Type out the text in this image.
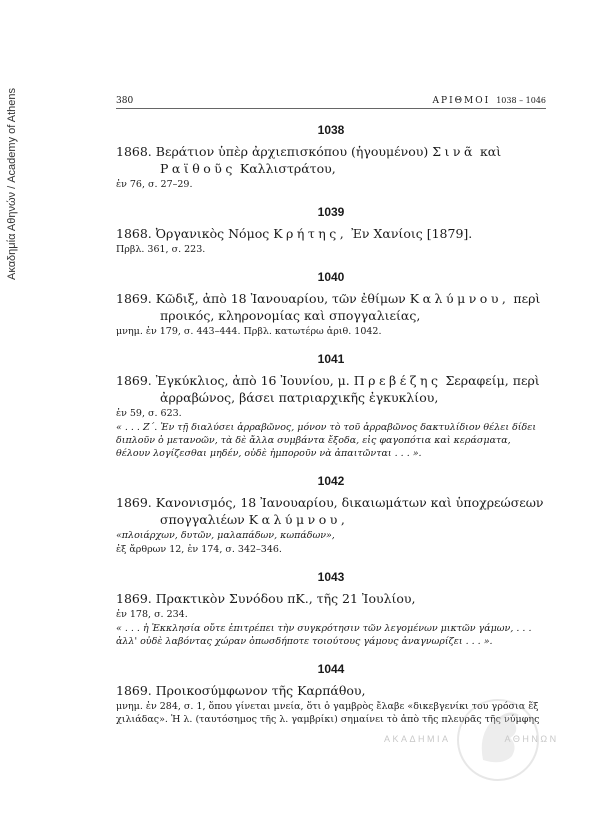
Ακαδημία Αθηνών / Academy of Athens	380	ΑΡΙΘΜΟΙ 1038 – 1046
1038
1868. Βεράτιον ὑπὲρ ἀρχιεπισκόπου (ἡγουμένου) Σινᾶ καὶ Ραϊθοῦς Καλλιστράτου,
ἐν 76, σ. 27–29.
1039
1868. Ὀργανικὸς Νόμος Κρήτης, Ἐν Χανίοις [1879].
Πρβλ. 361, σ. 223.
1040
1869. Κῶδιξ, ἀπὸ 18 Ἰανουαρίου, τῶν ἐθίμων Καλύμνου, περὶ προικός, κληρονομίας καὶ σπογγαλιείας,
μνημ. ἐν 179, σ. 443–444. Πρβλ. κατωτέρω ἀριθ. 1042.
1041
1869. Ἐγκύκλιος, ἀπὸ 16 Ἰουνίου, μ. Πρεβέζης Σεραφείμ, περὶ ἀρραβώνος, βάσει πατριαρχικῆς ἐγκυκλίου,
ἐν 59, σ. 623.
« . . . Ζ΄. Ἐν τῇ διαλύσει ἀρραβῶνος, μόνον τὸ τοῦ ἀρραβῶνος δακτυλίδιον θέλει δίδει διπλοῦν ὁ μετανοῶν, τὰ δὲ ἄλλα συμβάντα ἔξοδα, εἰς φαγοπότια καὶ κεράσματα, θέλουν λογίζεσθαι μηδέν, οὐδὲ ἠμποροῦν νὰ ἀπαιτῶνται . . . ».
1042
1869. Κανονισμός, 18 Ἰανουαρίου, δικαιωμάτων καὶ ὑποχρεώσεων σπογγαλιέων Καλύμνου,
«πλοιάρχων, δυτῶν, μαλαπάδων, κωπάδων»,
ἐξ ἄρθρων 12, ἐν 174, σ. 342–346.
1043
1869. Πρακτικὸν Συνόδου πΚ., τῆς 21 Ἰουλίου,
ἐν 178, σ. 234.
« . . . ἡ Ἐκκλησία οὔτε ἐπιτρέπει τὴν συγκρότησιν τῶν λεγομένων μικτῶν γάμων, . . . ἀλλ' οὐδὲ λαβόντας χώραν ὁπωσδήποτε τοιούτους γάμους ἀναγνωρίζει . . . ».
1044
1869. Προικοσύμφωνον τῆς Καρπάθου,
μνημ. ἐν 284, σ. 1, ὅπου γίνεται μνεία, ὅτι ὁ γαμβρὸς ἔλαβε «δικεβγενίκι του γρόσια ἕξ χιλιάδας». Ἡ λ. (ταυτόσημος τῆς λ. γαμβρίκι) σημαίνει τὸ ἀπὸ τῆς πλευρᾶς τῆς νύμφης
ΑΚΑΔΗΜΙΑ	ΑΘΗΝΩΝ
